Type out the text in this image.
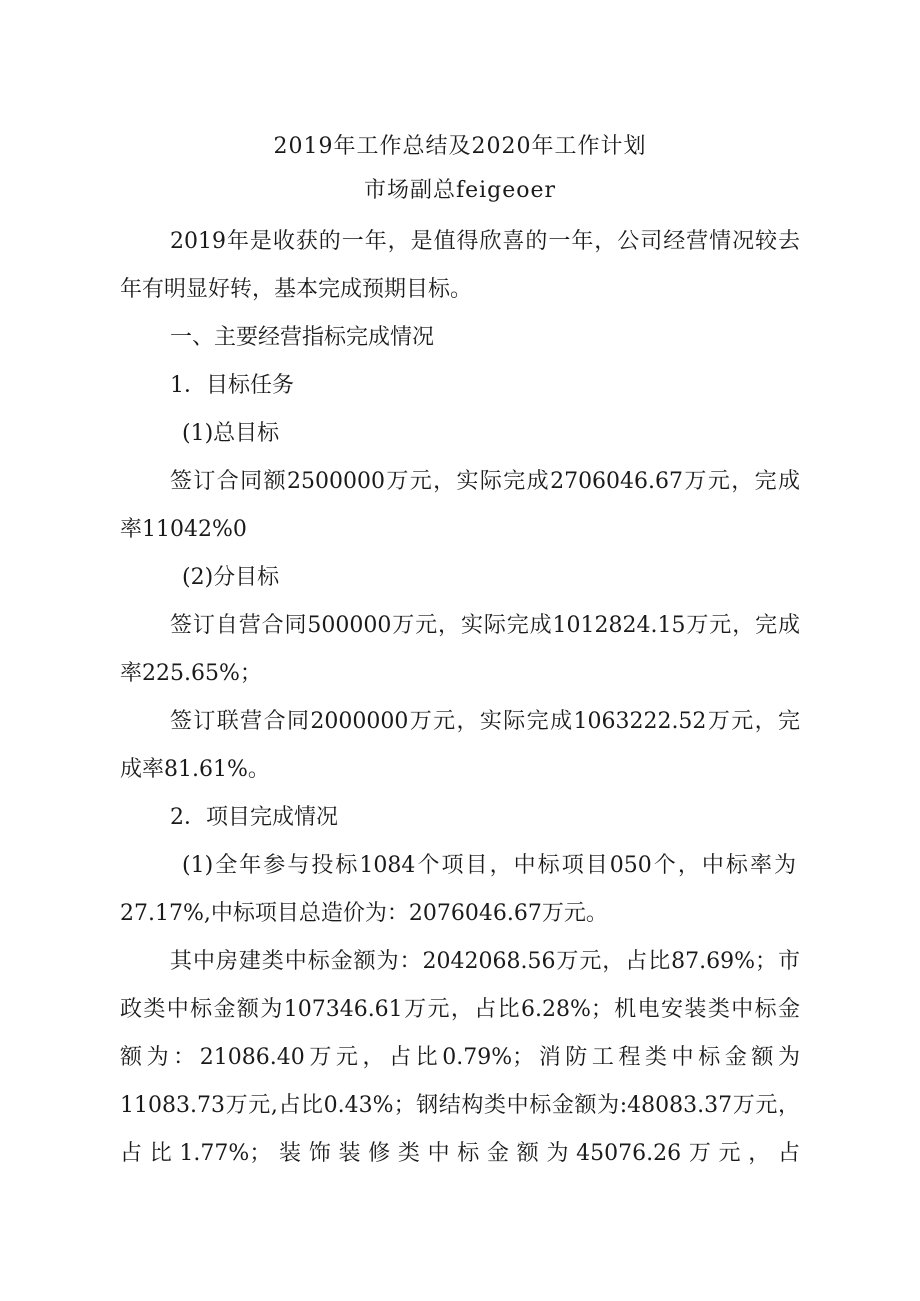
2019年工作总结及2020年工作计划
市场副总feigeoer
2019年是收获的一年，是值得欣喜的一年，公司经营情况较去
年有明显好转，基本完成预期目标。
一、主要经营指标完成情况
1．目标任务
(1)总目标
签订合同额2500000万元，实际完成2706046.67万元，完成
率11042%0
(2)分目标
签订自营合同500000万元，实际完成1012824.15万元，完成
率225.65%；
签订联营合同2000000万元，实际完成1063222.52万元，完
成率81.61%。
2．项目完成情况
(1)全年参与投标1084个项目，中标项目050个，中标率为
27.17%,中标项目总造价为：2076046.67万元。
其中房建类中标金额为：2042068.56万元，占比87.69%；市
政类中标金额为107346.61万元，占比6.28%；机电安装类中标金
额为：21086.40万元，占比0.79%；消防工程类中标金额为
11083.73万元,占比0.43%；钢结构类中标金额为:48083.37万元，
占比1.77%；装饰装修类中标金额为45076.26万元，占
